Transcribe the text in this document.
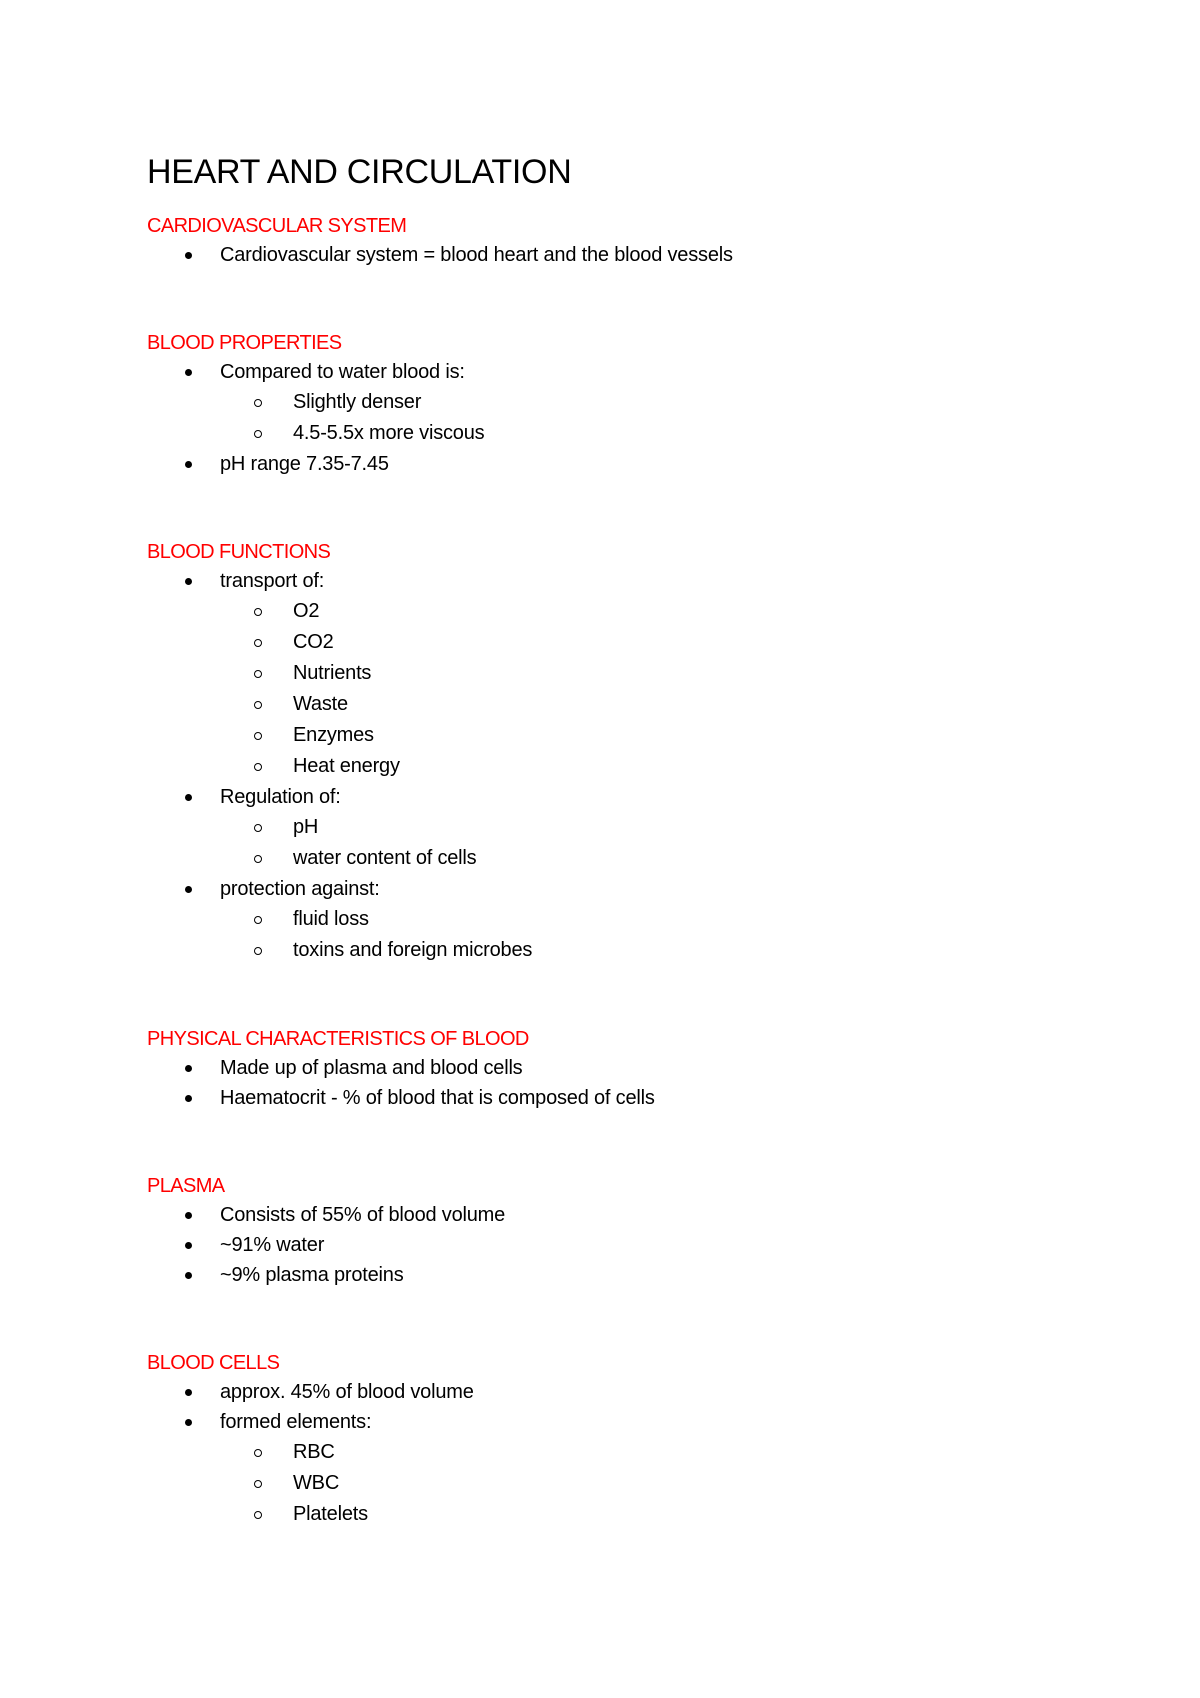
HEART AND CIRCULATION
CARDIOVASCULAR SYSTEM
Cardiovascular system = blood heart and the blood vessels
BLOOD PROPERTIES
Compared to water blood is:
Slightly denser
4.5-5.5x more viscous
pH range 7.35-7.45
BLOOD FUNCTIONS
transport of:
O2
CO2
Nutrients
Waste
Enzymes
Heat energy
Regulation of:
pH
water content of cells
protection against:
fluid loss
toxins and foreign microbes
PHYSICAL CHARACTERISTICS OF BLOOD
Made up of plasma and blood cells
Haematocrit - % of blood that is composed of cells
PLASMA
Consists of 55% of blood volume
~91% water
~9% plasma proteins
BLOOD CELLS
approx. 45% of blood volume
formed elements:
RBC
WBC
Platelets
